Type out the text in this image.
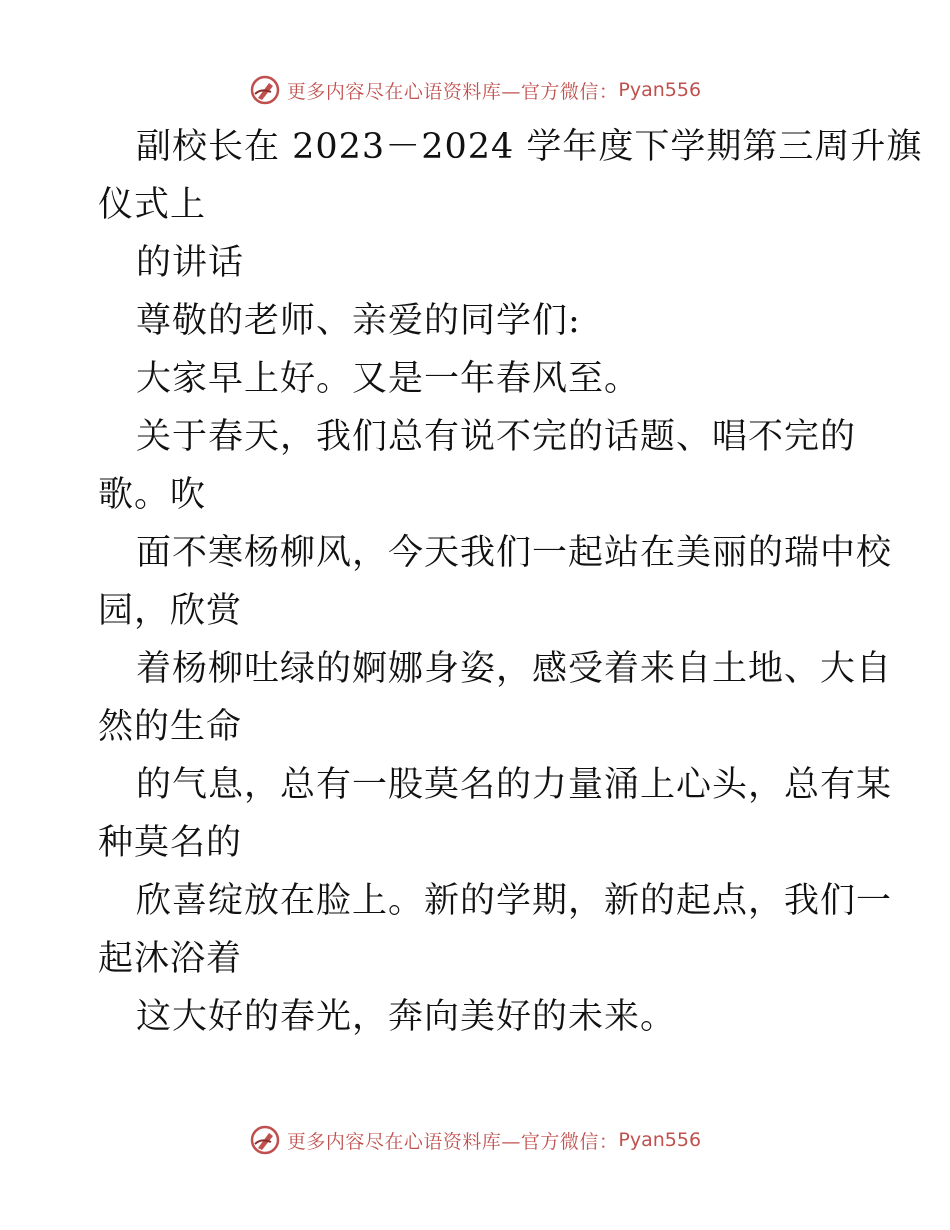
更多内容尽在心语资料库—官方微信： Pyan556
副校长在 2023－2024 学年度下学期第三周升旗
仪式上
的讲话
尊敬的老师、亲爱的同学们:
大家早上好。又是一年春风至。
关于春天，我们总有说不完的话题、唱不完的
歌。吹
面不寒杨柳风，今天我们一起站在美丽的瑞中校
园，欣赏
着杨柳吐绿的婀娜身姿，感受着来自土地、大自
然的生命
的气息，总有一股莫名的力量涌上心头，总有某
种莫名的
欣喜绽放在脸上。新的学期，新的起点，我们一
起沐浴着
这大好的春光，奔向美好的未来。
更多内容尽在心语资料库—官方微信： Pyan556
